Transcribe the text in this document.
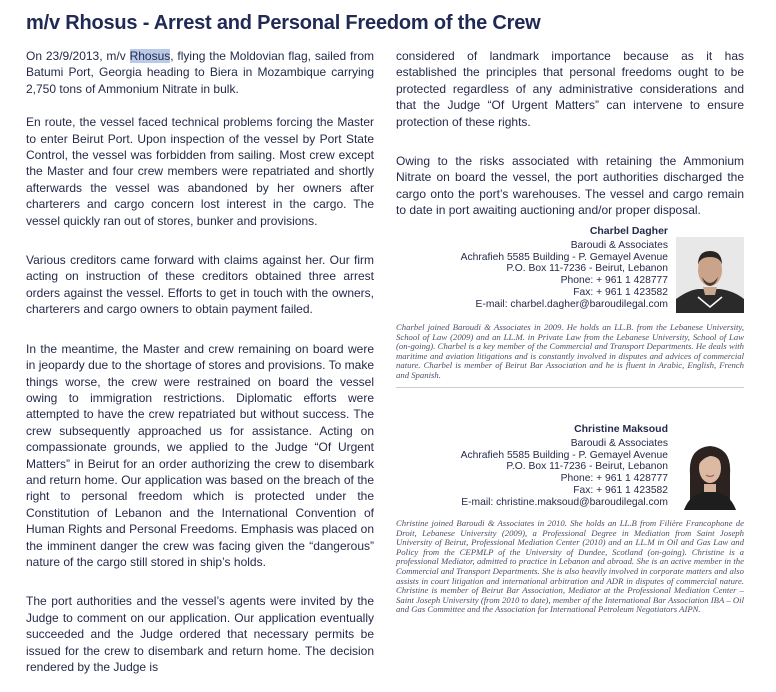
m/v Rhosus - Arrest and Personal Freedom of the Crew

On 23/9/2013, m/v Rhosus, flying the Moldovian flag, sailed from Batumi Port, Georgia heading to Biera in Mozambique carrying 2,750 tons of Ammonium Nitrate in bulk.

En route, the vessel faced technical problems forcing the Master to enter Beirut Port. Upon inspection of the vessel by Port State Control, the vessel was forbidden from sailing. Most crew except the Master and four crew members were repatriated and shortly afterwards the vessel was abandoned by her owners after charterers and cargo concern lost interest in the cargo. The vessel quickly ran out of stores, bunker and provisions.

Various creditors came forward with claims against her. Our firm acting on instruction of these creditors obtained three arrest orders against the vessel. Efforts to get in touch with the owners, charterers and cargo owners to obtain payment failed.

In the meantime, the Master and crew remaining on board were in jeopardy due to the shortage of stores and provisions. To make things worse, the crew were restrained on board the vessel owing to immigration restrictions. Diplomatic efforts were attempted to have the crew repatriated but without success. The crew subsequently approached us for assistance. Acting on compassionate grounds, we applied to the Judge “Of Urgent Matters” in Beirut for an order authorizing the crew to disembark and return home. Our application was based on the breach of the right to personal freedom which is protected under the Constitution of Lebanon and the International Convention of Human Rights and Personal Freedoms. Emphasis was placed on the imminent danger the crew was facing given the “dangerous” nature of the cargo still stored in ship’s holds.

The port authorities and the vessel’s agents were invited by the Judge to comment on our application. Our application eventually succeeded and the Judge ordered that necessary permits be issued for the crew to disembark and return home. The decision rendered by the Judge is

considered of landmark importance because as it has established the principles that personal freedoms ought to be protected regardless of any administrative considerations and that the Judge “Of Urgent Matters” can intervene to ensure protection of these rights.

Owing to the risks associated with retaining the Ammonium Nitrate on board the vessel, the port authorities discharged the cargo onto the port’s warehouses. The vessel and cargo remain to date in port awaiting auctioning and/or proper disposal.

Charbel Dagher
Baroudi & Associates
Achrafieh 5585 Building - P. Gemayel Avenue
P.O. Box 11-7236 - Beirut, Lebanon
Phone: + 961 1 428777
Fax: + 961 1 423582
E-mail: charbel.dagher@baroudilegal.com
Charbel joined Baroudi & Associates in 2009. He holds an LL.B. from the Lebanese University, School of Law (2009) and an LL.M. in Private Law from the Lebanese University, School of Law (on-going). Charbel is a key member of the Commercial and Transport Departments. He deals with maritime and aviation litigations and is constantly involved in disputes and advices of commercial nature. Charbel is member of Beirut Bar Association and he is fluent in Arabic, English, French and Spanish.
Christine Maksoud
Baroudi & Associates
Achrafieh 5585 Building - P. Gemayel Avenue
P.O. Box 11-7236 - Beirut, Lebanon
Phone: + 961 1 428777
Fax: + 961 1 423582
E-mail: christine.maksoud@baroudilegal.com
Christine joined Baroudi & Associates in 2010. She holds an LL.B from Filière Francophone de Droit, Lebanese University (2009), a Professional Degree in Mediation from Saint Joseph University of Beirut, Professional Mediation Center (2010) and an LL.M in Oil and Gas Law and Policy from the CEPMLP of the University of Dundee, Scotland (on-going). Christine is a professional Mediator, admitted to practice in Lebanon and abroad. She is an active member in the Commercial and Transport Departments. She is also heavily involved in corporate matters and also assists in court litigation and international arbitration and ADR in disputes of commercial nature. Christine is member of Beirut Bar Association, Mediator at the Professional Mediation Center – Saint Joseph University (from 2010 to date), member of the International Bar Association IBA – Oil and Gas Committee and the Association for International Petroleum Negotiators AIPN.
